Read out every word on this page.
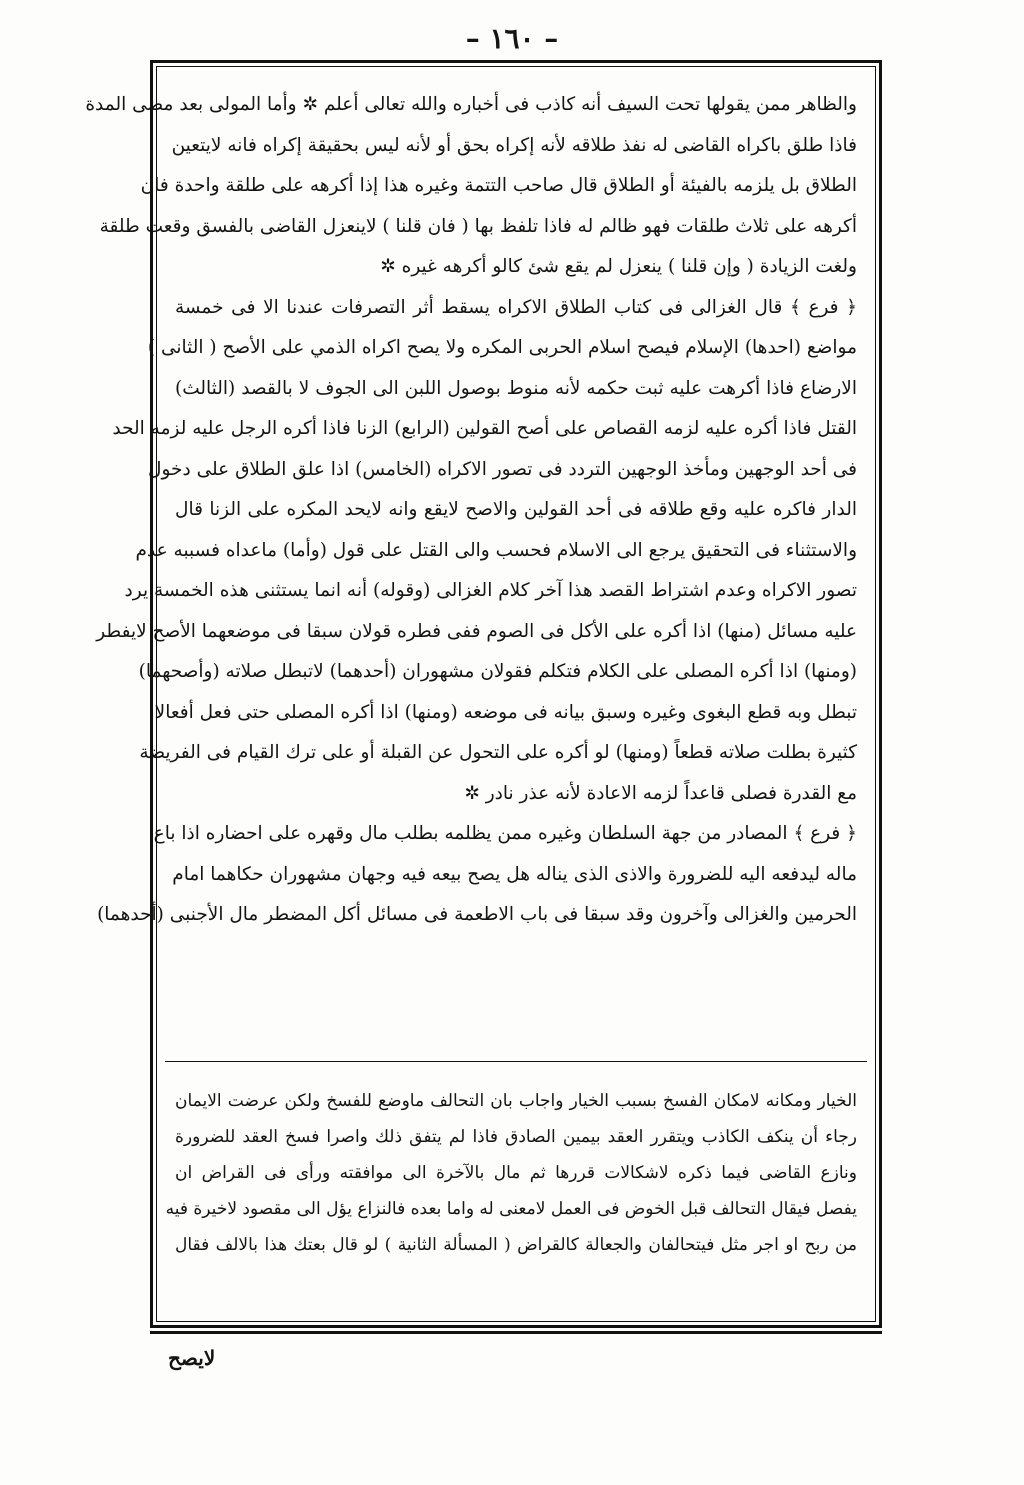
– ١٦٠ –
والظاهر ممن يقولها تحت السيف أنه كاذب فى أخباره والله تعالى أعلم ✲ وأما المولى بعد مضى المدة
فاذا طلق باكراه القاضى له نفذ طلاقه لأنه إكراه بحق أو لأنه ليس بحقيقة إكراه فانه لايتعين
الطلاق بل يلزمه بالفيئة أو الطلاق قال صاحب التتمة وغيره هذا إذا أكرهه على طلقة واحدة فان
أكرهه على ثلاث طلقات فهو ظالم له فاذا تلفظ بها ( فان قلنا ) لاينعزل القاضى بالفسق وقعت طلقة
ولغت الزيادة ( وإن قلنا ) ينعزل لم يقع شئ كالو أكرهه غيره ✲
﴿ فرع ﴾ قال الغزالى فى كتاب الطلاق الاكراه يسقط أثر التصرفات عندنا الا فى خمسة
مواضع (احدها) الإسلام فيصح اسلام الحربى المكره ولا يصح اكراه الذمي على الأصح ( الثانى )
الارضاع فاذا أكرهت عليه ثبت حكمه لأنه منوط بوصول اللبن الى الجوف لا بالقصد (الثالث)
القتل فاذا أكره عليه لزمه القصاص على أصح القولين (الرابع) الزنا فاذا أكره الرجل عليه لزمه الحد
فى أحد الوجهين ومأخذ الوجهين التردد فى تصور الاكراه (الخامس) اذا علق الطلاق على دخول
الدار فاكره عليه وقع طلاقه فى أحد القولين والاصح لايقع وانه لايحد المكره على الزنا قال
والاستثناء فى التحقيق يرجع الى الاسلام فحسب والى القتل على قول (وأما) ماعداه فسببه عدم
تصور الاكراه وعدم اشتراط القصد هذا آخر كلام الغزالى (وقوله) أنه انما يستثنى هذه الخمسة يرد
عليه مسائل (منها) اذا أكره على الأكل فى الصوم ففى فطره قولان سبقا فى موضعهما الأصح لايفطر
(ومنها) اذا أكره المصلى على الكلام فتكلم فقولان مشهوران (أحدهما) لاتبطل صلاته (وأصحهما)
تبطل وبه قطع البغوى وغيره وسبق بيانه فى موضعه (ومنها) اذا أكره المصلى حتى فعل أفعالا
كثيرة بطلت صلاته قطعاً (ومنها) لو أكره على التحول عن القبلة أو على ترك القيام فى الفريضة
مع القدرة فصلى قاعداً لزمه الاعادة لأنه عذر نادر ✲
﴿ فرع ﴾ المصادر من جهة السلطان وغيره ممن يظلمه بطلب مال وقهره على احضاره اذا باع
ماله ليدفعه اليه للضرورة والاذى الذى يناله هل يصح بيعه فيه وجهان مشهوران حكاهما امام
الحرمين والغزالى وآخرون وقد سبقا فى باب الاطعمة فى مسائل أكل المضطر مال الأجنبى (أحدهما)
الخيار ومكانه لامكان الفسخ بسبب الخيار واجاب بان التحالف ماوضع للفسخ ولكن عرضت الايمان
رجاء أن ينكف الكاذب ويتقرر العقد بيمين الصادق فاذا لم يتفق ذلك واصرا فسخ العقد للضرورة
ونازع القاضى فيما ذكره لاشكالات قررها ثم مال بالآخرة الى موافقته ورأى فى القراض ان
يفصل فيقال التحالف قبل الخوض فى العمل لامعنى له واما بعده فالنزاع يؤل الى مقصود لاخيرة فيه
من ربح او اجر مثل فيتحالفان والجعالة كالقراض ( المسألة الثانية ) لو قال بعتك هذا بالالف فقال
لايصح
